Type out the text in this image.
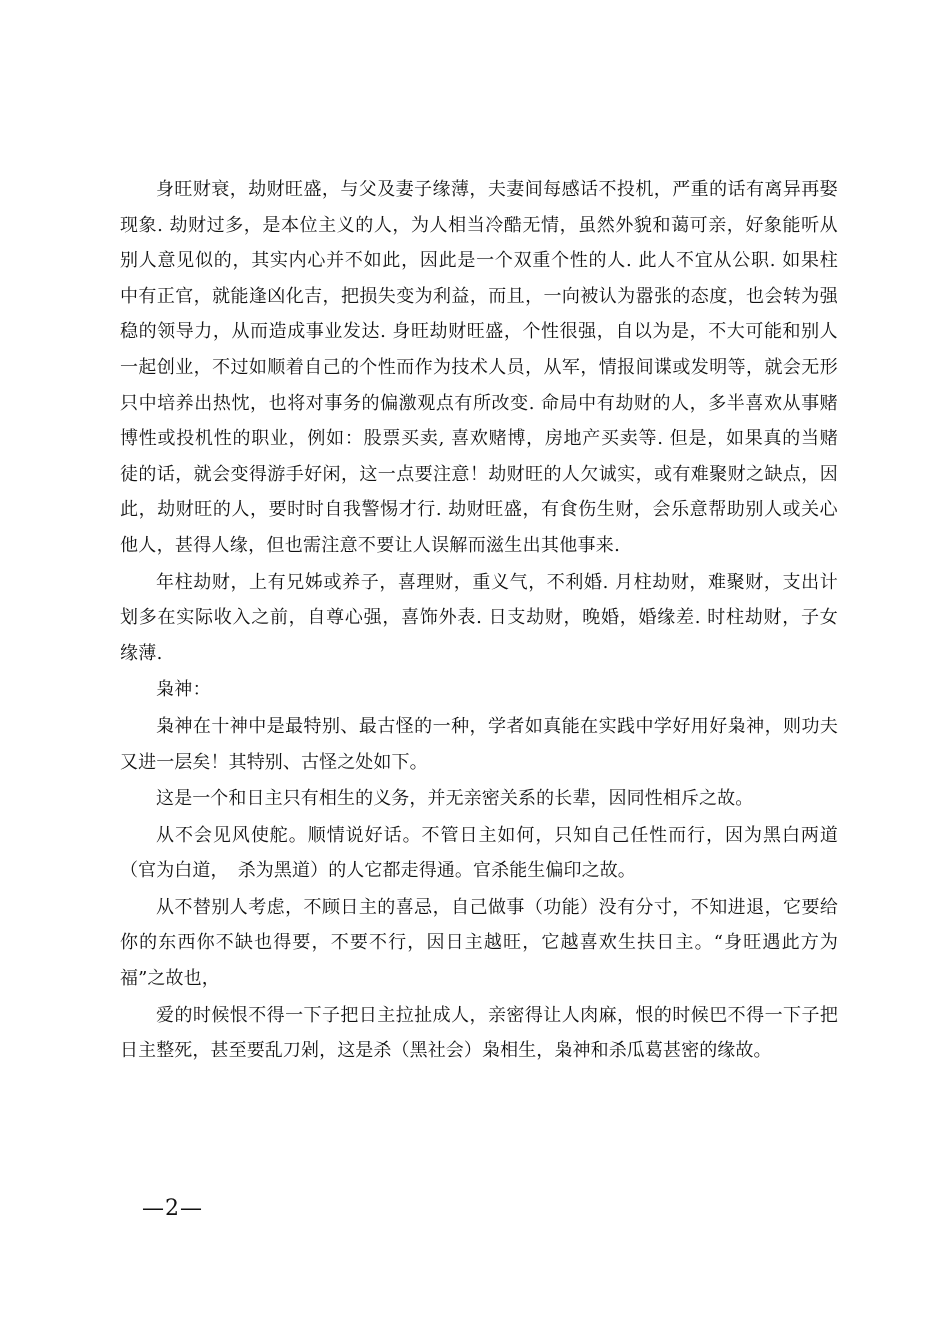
身旺财衰，劫财旺盛，与父及妻子缘薄，夫妻间每感话不投机，严重的话有离异再娶现象. 劫财过多，是本位主义的人，为人相当冷酷无情，虽然外貌和蔼可亲，好象能听从别人意见似的，其实内心并不如此，因此是一个双重个性的人. 此人不宜从公职. 如果柱中有正官，就能逢凶化吉，把损失变为利益，而且，一向被认为嚣张的态度，也会转为强稳的领导力，从而造成事业发达. 身旺劫财旺盛，个性很强，自以为是，不大可能和别人一起创业，不过如顺着自己的个性而作为技术人员，从军，情报间谍或发明等，就会无形只中培养出热忱，也将对事务的偏激观点有所改变. 命局中有劫财的人，多半喜欢从事赌博性或投机性的职业，例如：股票买卖, 喜欢赌博，房地产买卖等. 但是，如果真的当赌徒的话，就会变得游手好闲，这一点要注意！劫财旺的人欠诚实，或有难聚财之缺点，因此，劫财旺的人，要时时自我警惕才行. 劫财旺盛，有食伤生财，会乐意帮助别人或关心他人，甚得人缘，但也需注意不要让人误解而滋生出其他事来.

年柱劫财，上有兄姊或养子，喜理财，重义气，不利婚. 月柱劫财，难聚财，支出计划多在实际收入之前，自尊心强，喜饰外表. 日支劫财，晚婚，婚缘差. 时柱劫财，子女缘薄.

枭神：

枭神在十神中是最特别、最古怪的一种，学者如真能在实践中学好用好枭神，则功夫又进一层矣！其特别、古怪之处如下。

这是一个和日主只有相生的义务，并无亲密关系的长辈，因同性相斥之故。

从不会见风使舵。顺情说好话。不管日主如何，只知自己任性而行，因为黑白两道（官为白道，　杀为黑道）的人它都走得通。官杀能生偏印之故。

从不替别人考虑，不顾日主的喜忌，自己做事（功能）没有分寸，不知进退，它要给你的东西你不缺也得要，不要不行，因日主越旺，它越喜欢生扶日主。“身旺遇此方为福”之故也，

爱的时候恨不得一下子把日主拉扯成人，亲密得让人肉麻，恨的时候巴不得一下子把日主整死，甚至要乱刀剁，这是杀（黑社会）枭相生，枭神和杀瓜葛甚密的缘故。

—2—
